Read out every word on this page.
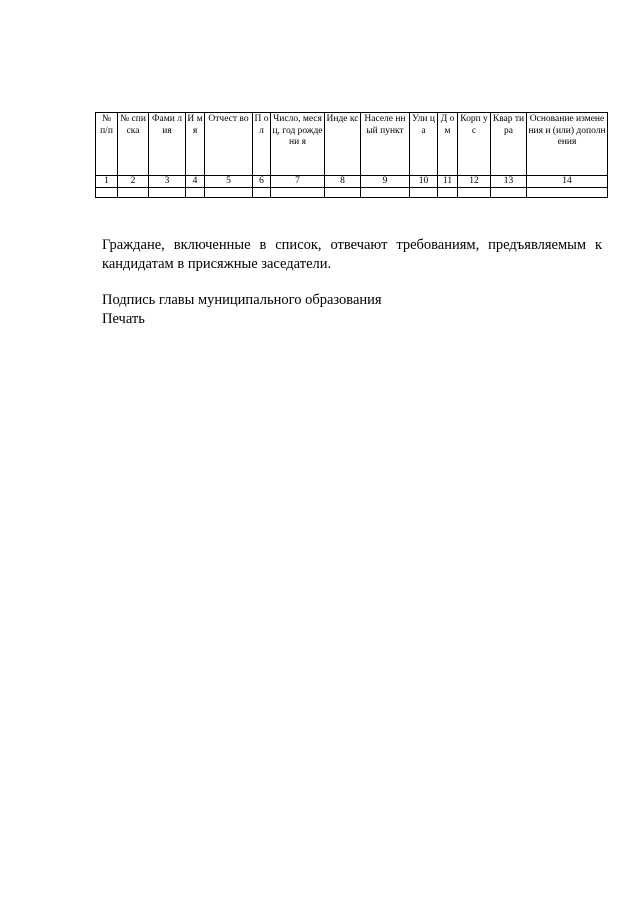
№ п/п	№ спи ска	Фами лия	И м я	Отчест во	П о л	Число, месяц, год рождени я	Инде кс	Населе нный пункт	Ули ца	Д о м	Корп ус	Квар тира	Основание изменения и (или) дополнения
1	2	3	4	5	6	7	8	9	10	11	12	13	14

Граждане, включенные в список, отвечают требованиям, предъявляемым к кандидатам в присяжные заседатели.
Подпись главы муниципального образования
Печать
